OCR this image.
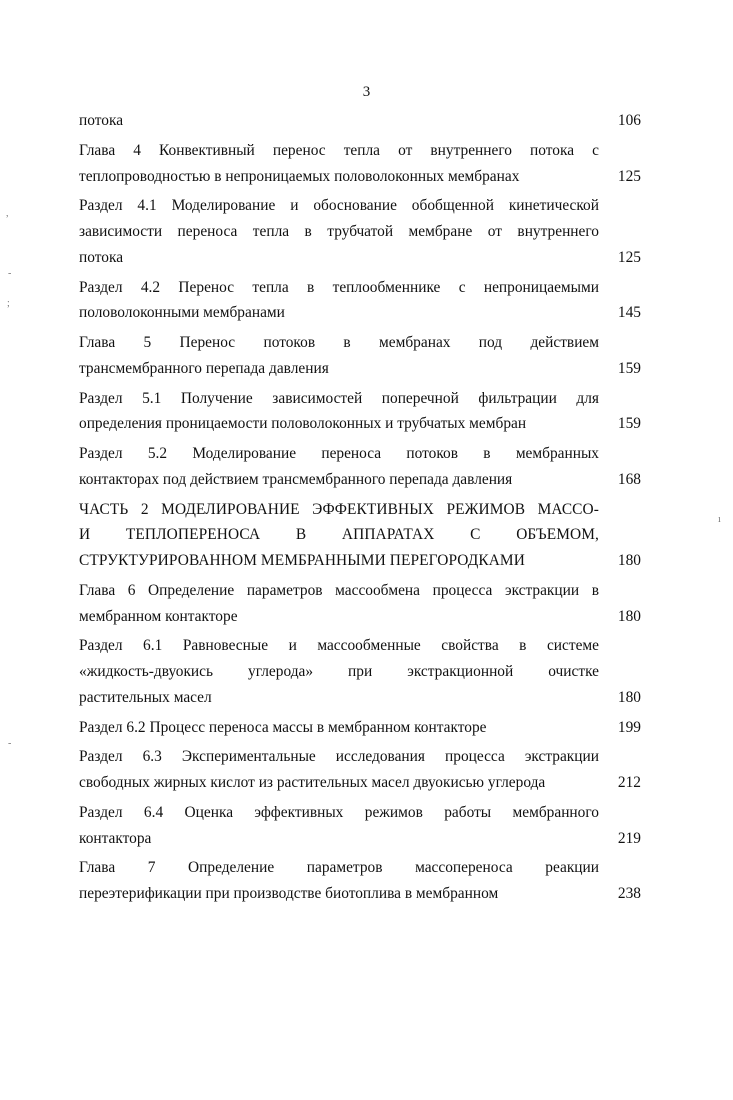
3
потока	106
Глава 4 Конвективный перенос тепла от внутреннего потока с
теплопроводностью в непроницаемых половолоконных мембранах	125
Раздел 4.1 Моделирование и обоснование обобщенной кинетической
зависимости переноса тепла в трубчатой мембране от внутреннего
потока	125
Раздел 4.2 Перенос тепла в теплообменнике с непроницаемыми
половолоконными мембранами	145
Глава 5 Перенос потоков в мембранах под действием
трансмембранного перепада давления	159
Раздел 5.1 Получение зависимостей поперечной фильтрации для
определения проницаемости половолоконных и трубчатых мембран	159
Раздел 5.2 Моделирование переноса потоков в мембранных
контакторах под действием трансмембранного перепада давления	168
ЧАСТЬ 2 МОДЕЛИРОВАНИЕ ЭФФЕКТИВНЫХ РЕЖИМОВ МАССО-
И ТЕПЛОПЕРЕНОСА В АППАРАТАХ С ОБЪЕМОМ,
СТРУКТУРИРОВАННОМ МЕМБРАННЫМИ ПЕРЕГОРОДКАМИ	180
Глава 6 Определение параметров массообмена процесса экстракции в
мембранном контакторе	180
Раздел 6.1 Равновесные и массообменные свойства в системе
«жидкость-двуокись углерода» при экстракционной очистке
растительных масел	180
Раздел 6.2 Процесс переноса массы в мембранном контакторе	199
Раздел 6.3 Экспериментальные исследования процесса экстракции
свободных жирных кислот из растительных масел двуокисью углерода	212
Раздел 6.4 Оценка эффективных режимов работы мембранного
контактора	219
Глава 7 Определение параметров массопереноса реакции
переэтерификации при производстве биотоплива в мембранном	238
,
-
;
ı
-
